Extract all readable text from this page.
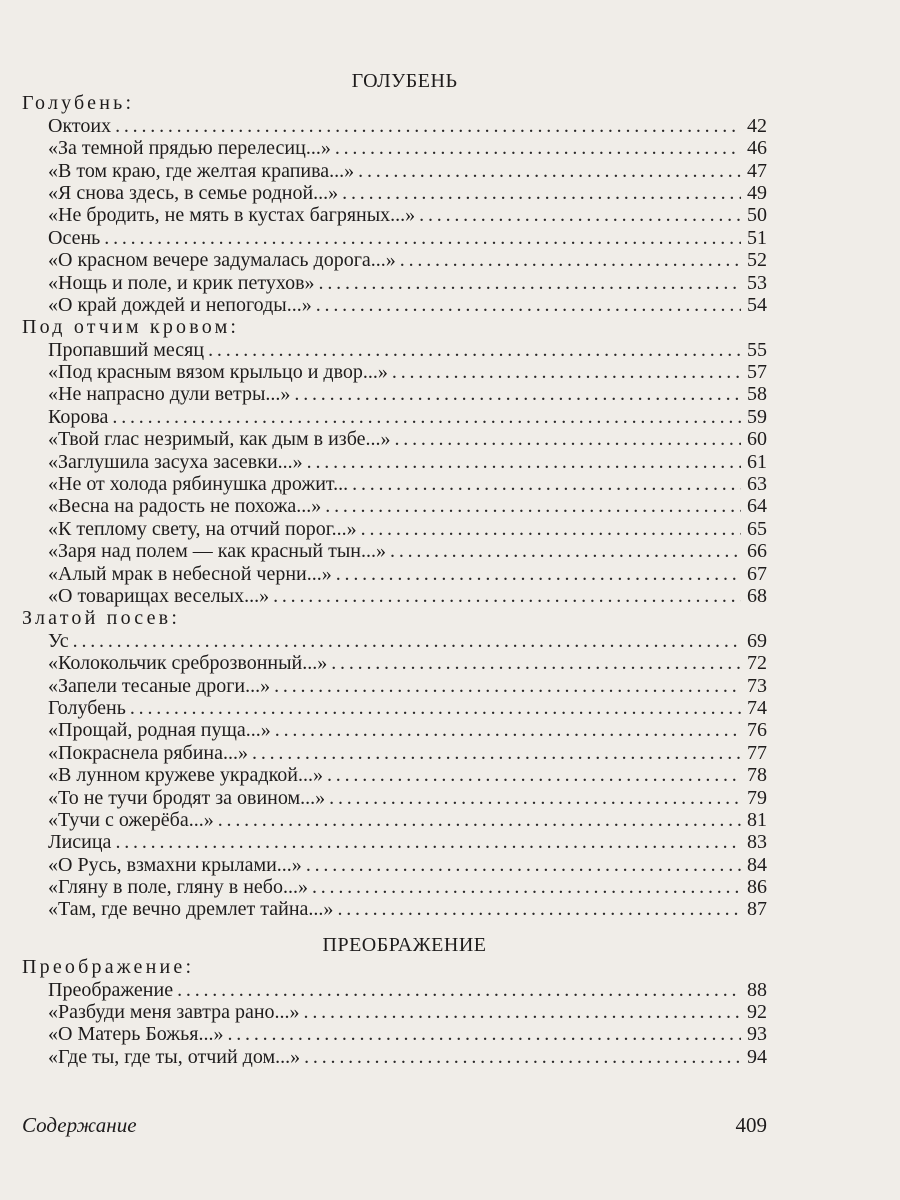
ГОЛУБЕНЬ
Голубень:
Октоих . . .	42
«За темной прядью перелесиц...» . . .	46
«В том краю, где желтая крапива...» . . .	47
«Я снова здесь, в семье родной...» . . .	49
«Не бродить, не мять в кустах багряных...» . . .	50
Осень . . .	51
«О красном вечере задумалась дорога...» . . .	52
«Нощь и поле, и крик петухов» . . .	53
«О край дождей и непогоды...» . . .	54
Под отчим кровом:
Пропавший месяц . . .	55
«Под красным вязом крыльцо и двор...» . . .	57
«Не напрасно дули ветры...» . . .	58
Корова . . .	59
«Твой глас незримый, как дым в избе...» . . .	60
«Заглушила засуха засевки...» . . .	61
«Не от холода рябинушка дрожит... . . .	63
«Весна на радость не похожа...» . . .	64
«К теплому свету, на отчий порог...» . . .	65
«Заря над полем — как красный тын...» . . .	66
«Алый мрак в небесной черни...» . . .	67
«О товарищах веселых...» . . .	68
Златой посев:
Ус . . .	69
«Колокольчик среброзвонный...» . . .	72
«Запели тесаные дроги...» . . .	73
Голубень . . .	74
«Прощай, родная пуща...» . . .	76
«Покраснела рябина...» . . .	77
«В лунном кружеве украдкой...» . . .	78
«То не тучи бродят за овином...» . . .	79
«Тучи с ожерёба...» . . .	81
Лисица . . .	83
«О Русь, взмахни крылами...» . . .	84
«Гляну в поле, гляну в небо...» . . .	86
«Там, где вечно дремлет тайна...» . . .	87
ПРЕОБРАЖЕНИЕ
Преображение:
Преображение . . .	88
«Разбуди меня завтра рано...» . . .	92
«О Матерь Божья...» . . .	93
«Где ты, где ты, отчий дом...» . . .	94
Содержание	409
